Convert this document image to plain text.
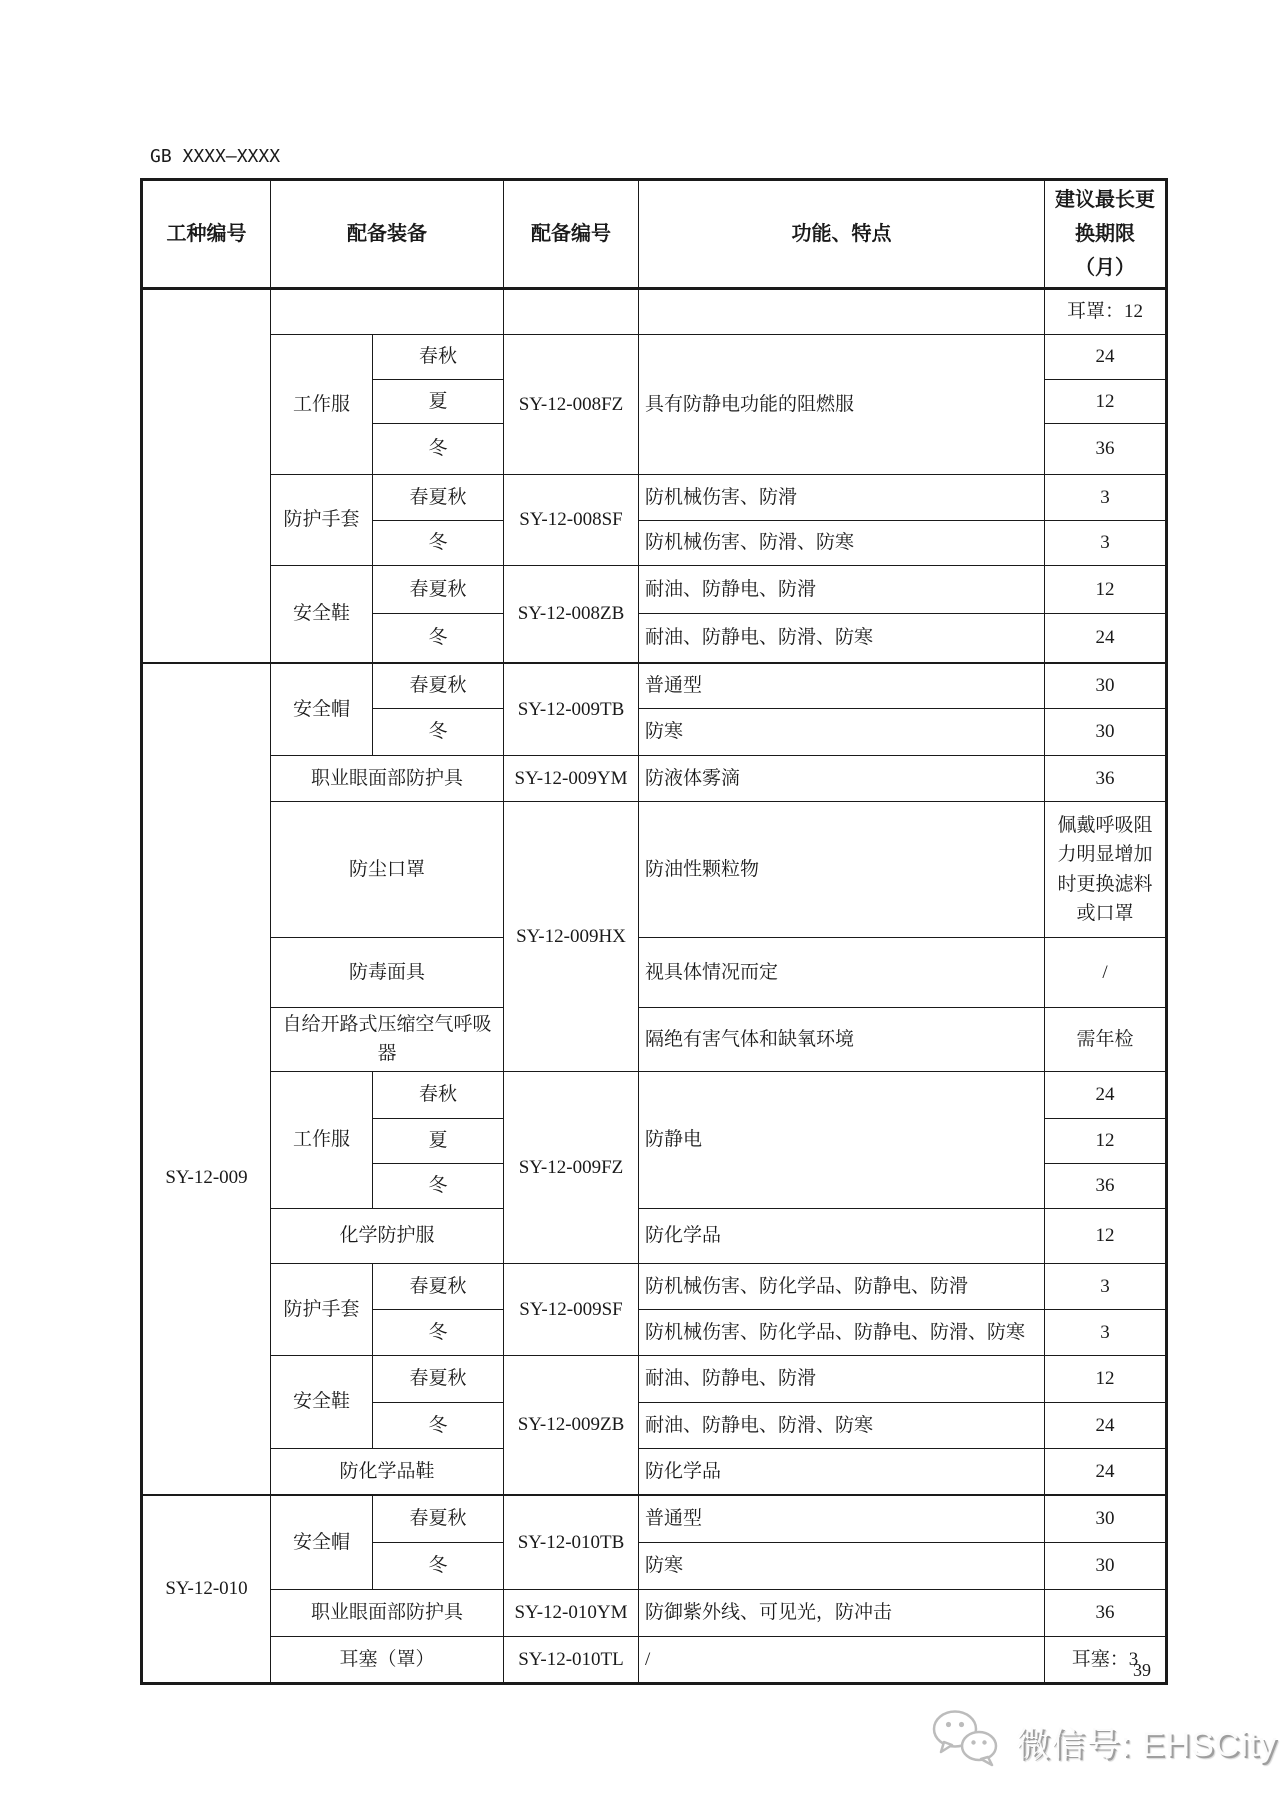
GB XXXX—XXXX
工种编号	配备装备		配备编号	功能、特点	建议最长更
换期限（月）

					耳罩：12
	工作服	春秋	SY-12-008FZ	具有防静电功能的阻燃服	24
		夏			12
		冬			36
	防护手套	春夏秋	SY-12-008SF	防机械伤害、防滑	3
		冬		防机械伤害、防滑、防寒	3
	安全鞋	春夏秋	SY-12-008ZB	耐油、防静电、防滑	12
		冬		耐油、防静电、防滑、防寒	24
SY-12-009	安全帽	春夏秋	SY-12-009TB	普通型	30
		冬		防寒	30
	职业眼面部防护具		SY-12-009YM	防液体雾滴	36
	防尘口罩		SY-12-009HX	防油性颗粒物	佩戴呼吸阻力明显增加时更换滤料或口罩
	防毒面具			视具体情况而定	/
	自给开路式压缩空气呼吸器			隔绝有害气体和缺氧环境	需年检
	工作服	春秋	SY-12-009FZ	防静电	24
		夏			12
		冬			36
	化学防护服			防化学品	12
	防护手套	春夏秋	SY-12-009SF	防机械伤害、防化学品、防静电、防滑	3
		冬		防机械伤害、防化学品、防静电、防滑、防寒	3
	安全鞋	春夏秋	SY-12-009ZB	耐油、防静电、防滑	12
		冬		耐油、防静电、防滑、防寒	24
	防化学品鞋			防化学品	24
SY-12-010	安全帽	春夏秋	SY-12-010TB	普通型	30
		冬		防寒	30
	职业眼面部防护具		SY-12-010YM	防御紫外线、可见光，防冲击	36
	耳塞（罩）		SY-12-010TL	/	耳塞：3
39
微信号: EHSCity
